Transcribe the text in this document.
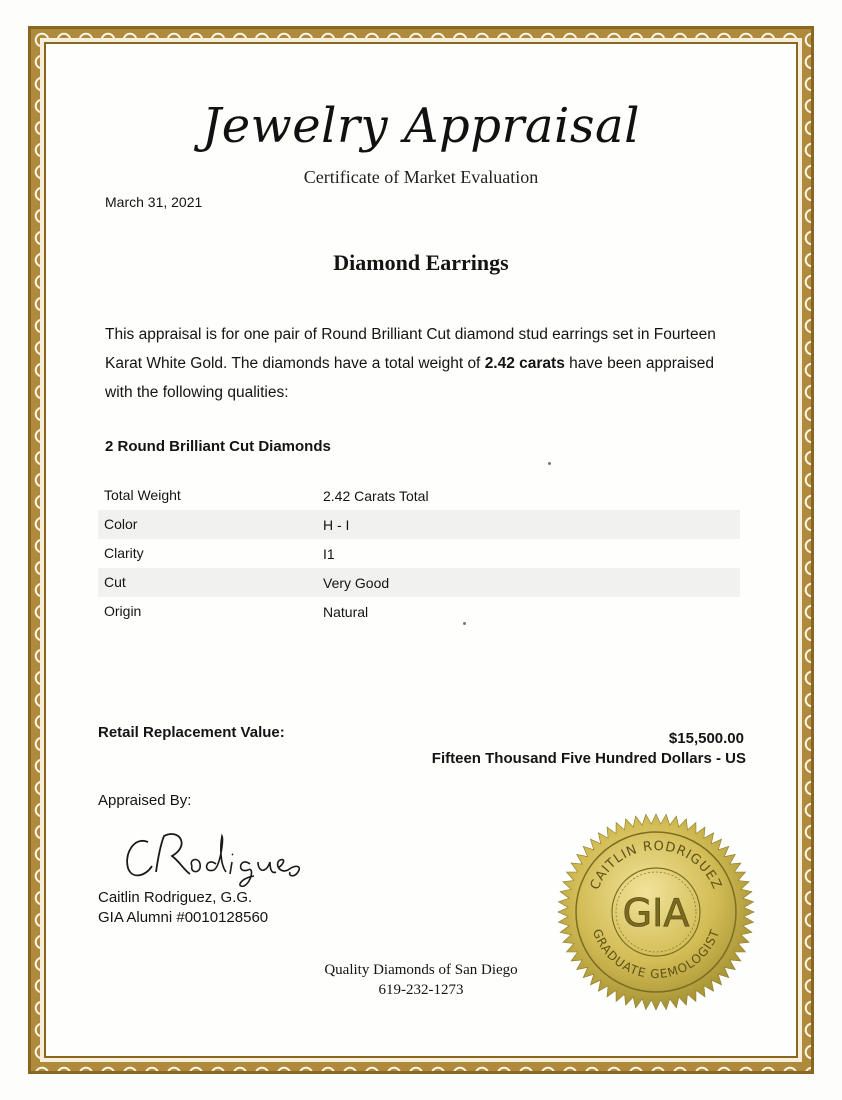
Jewelry Appraisal
Certificate of Market Evaluation
March 31, 2021
Diamond Earrings
This appraisal is for one pair of Round Brilliant Cut diamond stud earrings set in Fourteen Karat White Gold. The diamonds have a total weight of 2.42 carats have been appraised with the following qualities:
2 Round Brilliant Cut Diamonds
Total Weight	2.42 Carats Total
Color	H - I
Clarity	I1
Cut	Very Good
Origin	Natural
Retail Replacement Value:	$15,500.00
Fifteen Thousand Five Hundred Dollars - US
Appraised By:
Caitlin Rodriguez, G.G.
GIA Alumni #0010128560
Quality Diamonds of San Diego
619-232-1273
CAITLIN RODRIGUEZ
GRADUATE GEMOLOGIST
GIA
